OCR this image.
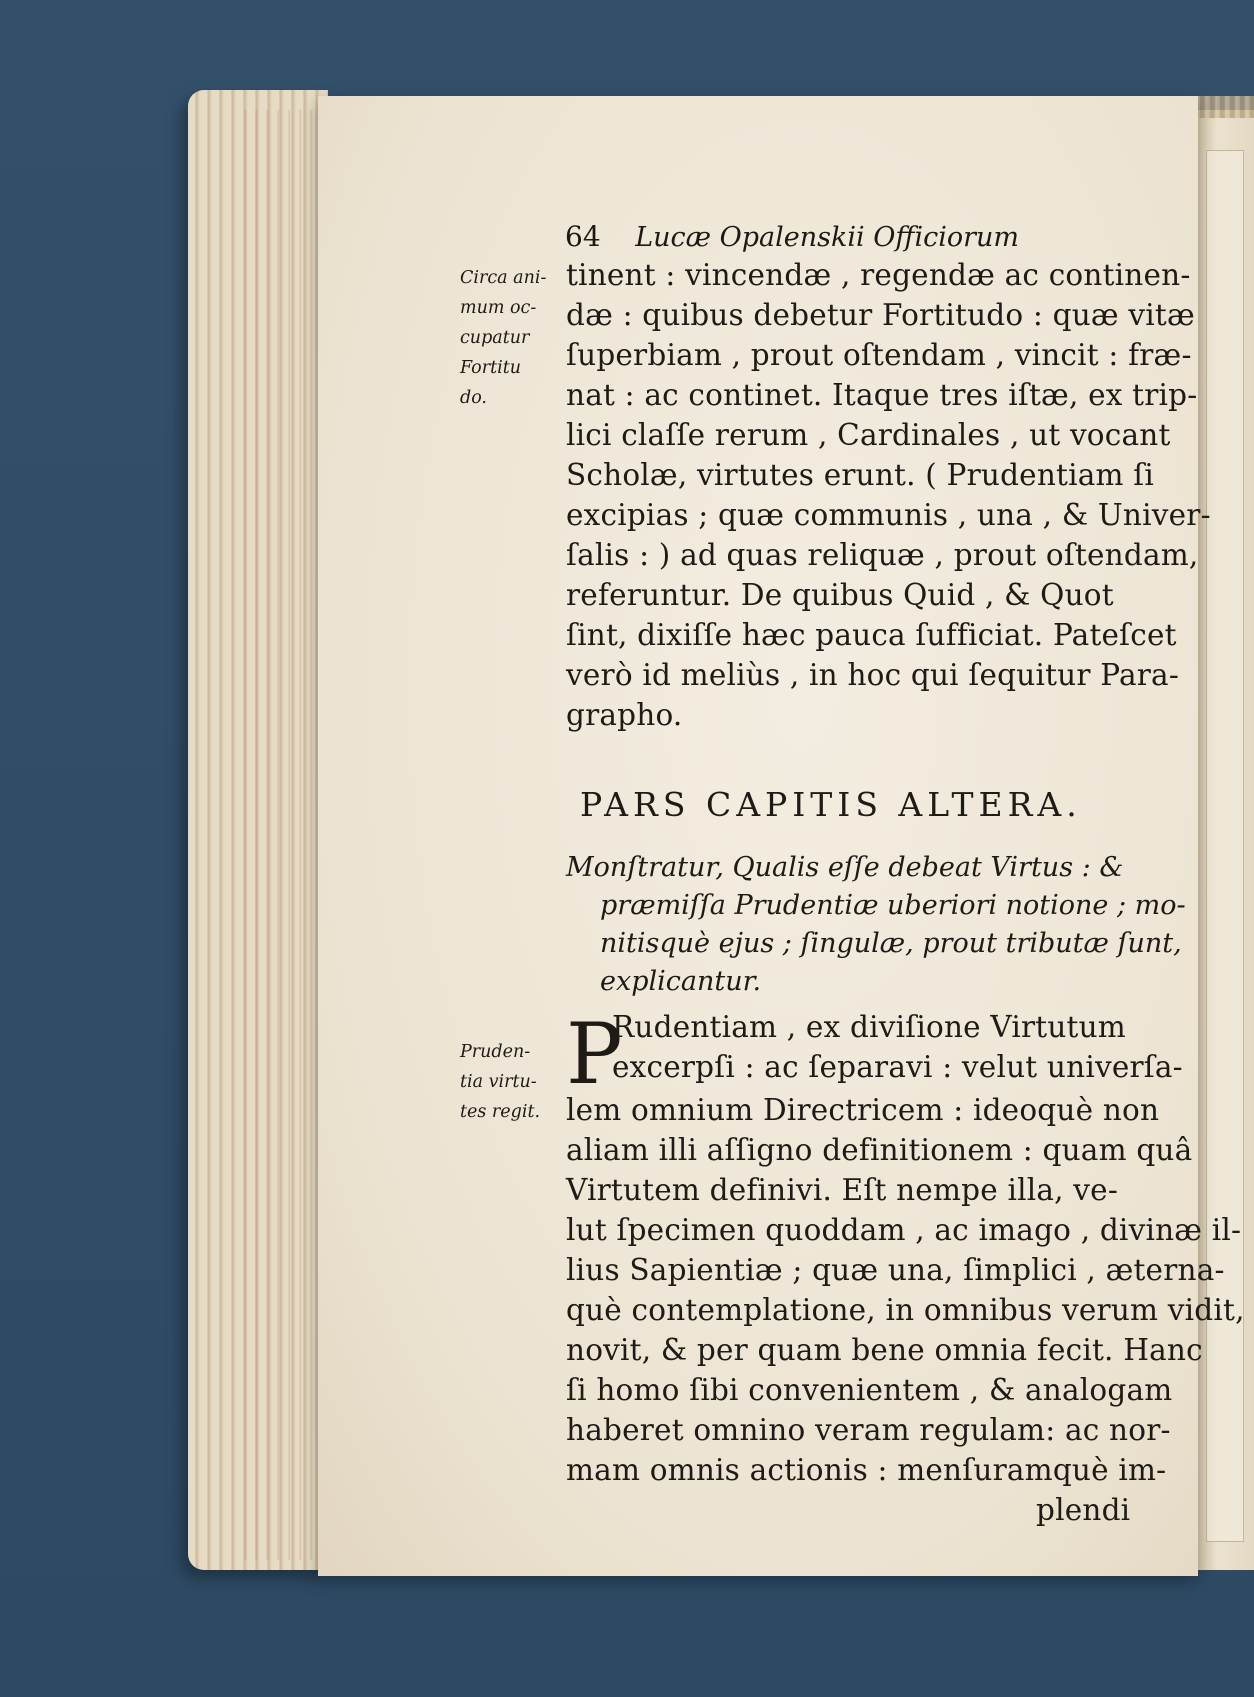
64 Lucæ Opalenskii Officiorum
Circa ani-
mum oc-
cupatur
Fortitu
do.
tinent : vincendæ , regendæ ac continen-
dæ : quibus debetur Fortitudo : quæ vitæ
ſuperbiam , prout oſtendam , vincit : fræ-
nat : ac continet. Itaque tres iſtæ, ex trip-
lici claſſe rerum , Cardinales , ut vocant
Scholæ, virtutes erunt. ( Prudentiam ſi
excipias ; quæ communis , una , & Univer-
ſalis : ) ad quas reliquæ , prout oſtendam,
referuntur. De quibus Quid , & Quot
ſint, dixiſſe hæc pauca ſufficiat. Pateſcet
verò id meliùs , in hoc qui ſequitur Para-
grapho.
PARS CAPITIS ALTERA.
Monſtratur, Qualis eſſe debeat Virtus : &
præmiſſa Prudentiæ uberiori notione ; mo-
nitisquè ejus ; ſingulæ, prout tributæ ſunt,
explicantur.
Pruden-
tia virtu-
tes regit.
P
Rudentiam , ex diviſione Virtutum
excerpſi : ac ſeparavi : velut univerſa-
lem omnium Directricem : ideoquè non
aliam illi aſſigno definitionem : quam quâ
Virtutem definivi. Eſt nempe illa, ve-
lut ſpecimen quoddam , ac imago , divinæ il-
lius Sapientiæ ; quæ una, ſimplici , æterna-
què contemplatione, in omnibus verum vidit,
novit, & per quam bene omnia fecit. Hanc
ſi homo ſibi convenientem , & analogam
haberet omnino veram regulam: ac nor-
mam omnis actionis : menſuramquè im-
plendi
